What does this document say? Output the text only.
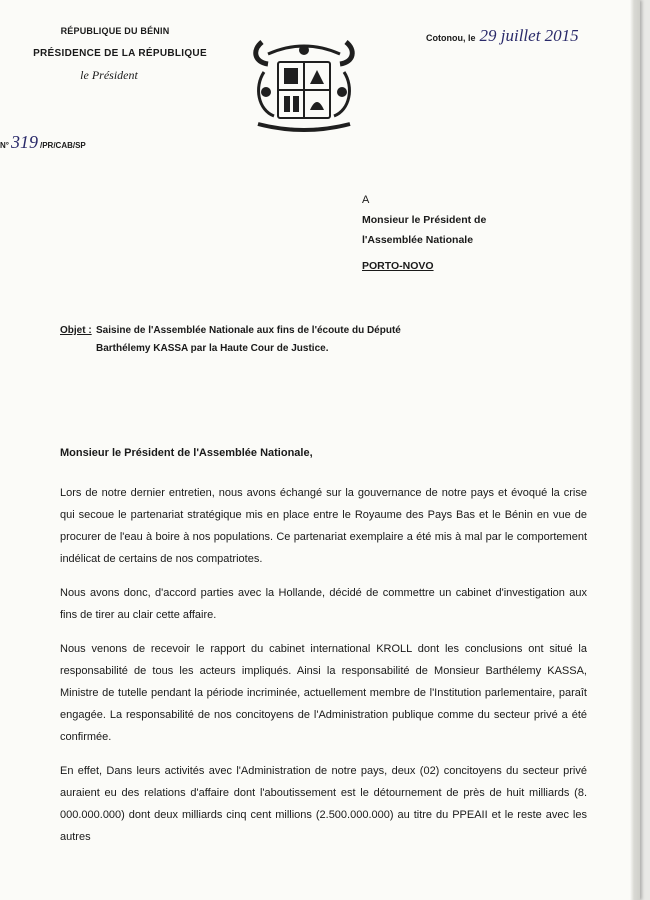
RÉPUBLIQUE DU BÉNIN
PRÉSIDENCE DE LA RÉPUBLIQUE
le Président
N° 319 /PR/CAB/SP
Cotonou, le 29 juillet 2015
A
Monsieur le Président de
l'Assemblée Nationale
PORTO-NOVO
Objet : Saisine de l'Assemblée Nationale aux fins de l'écoute du Député Barthélemy KASSA par la Haute Cour de Justice.
Monsieur le Président de l'Assemblée Nationale,

Lors de notre dernier entretien, nous avons échangé sur la gouvernance de notre pays et évoqué la crise qui secoue le partenariat stratégique mis en place entre le Royaume des Pays Bas et le Bénin en vue de procurer de l'eau à boire à nos populations. Ce partenariat exemplaire a été mis à mal par le comportement indélicat de certains de nos compatriotes.

Nous avons donc, d'accord parties avec la Hollande, décidé de commettre un cabinet d'investigation aux fins de tirer au clair cette affaire.

Nous venons de recevoir le rapport du cabinet international KROLL dont les conclusions ont situé la responsabilité de tous les acteurs impliqués. Ainsi la responsabilité de Monsieur Barthélemy KASSA, Ministre de tutelle pendant la période incriminée, actuellement membre de l'Institution parlementaire, paraît engagée. La responsabilité de nos concitoyens de l'Administration publique comme du secteur privé a été confirmée.

En effet, Dans leurs activités avec l'Administration de notre pays, deux (02) concitoyens du secteur privé auraient eu des relations d'affaire dont l'aboutissement est le détournement de près de huit milliards (8. 000.000.000) dont deux milliards cinq cent millions (2.500.000.000) au titre du PPEAII et le reste avec les autres
